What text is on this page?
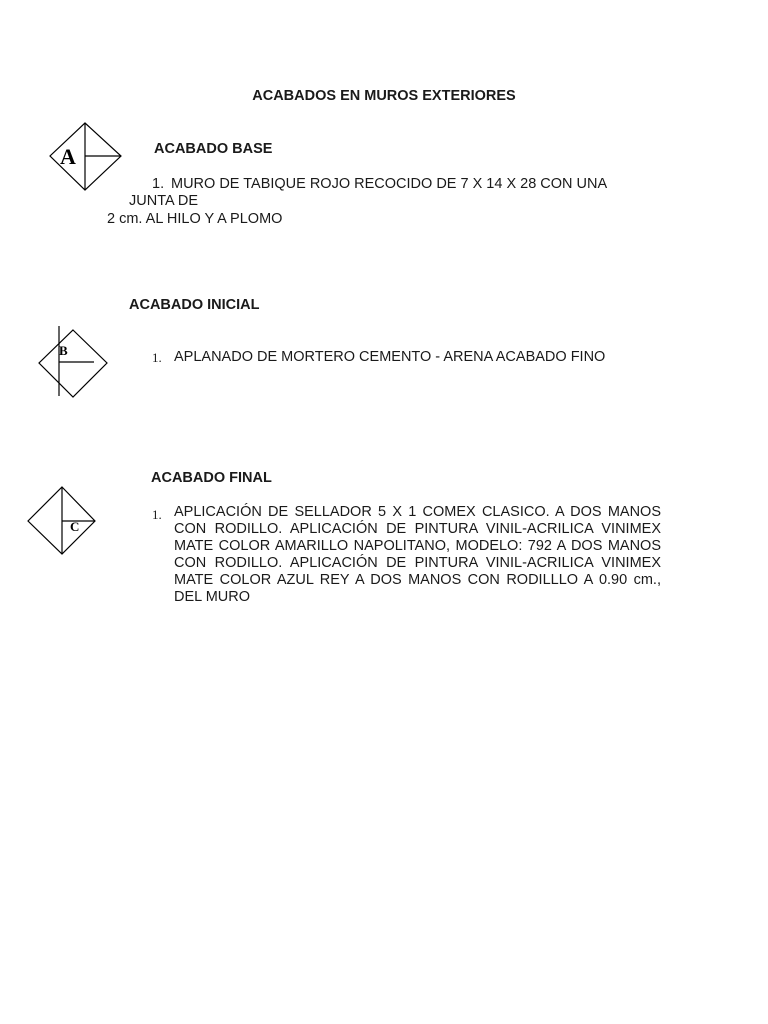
ACABADOS EN MUROS EXTERIORES
A	ACABADO BASE
1. MURO DE TABIQUE ROJO RECOCIDO DE 7 X 14 X 28 CON UNA
JUNTA DE
2 cm. AL HILO Y A PLOMO
ACABADO INICIAL
B	1. APLANADO DE MORTERO CEMENTO - ARENA ACABADO FINO
ACABADO FINAL
C
1. APLICACIÓN DE SELLADOR 5 X 1 COMEX CLASICO. A DOS MANOS CON RODILLO. APLICACIÓN DE PINTURA VINIL-ACRILICA VINIMEX MATE COLOR AMARILLO NAPOLITANO, MODELO: 792 A DOS MANOS CON RODILLO. APLICACIÓN DE PINTURA VINIL-ACRILICA VINIMEX MATE COLOR AZUL REY A DOS MANOS CON RODILLLO A 0.90 cm., DEL MURO
